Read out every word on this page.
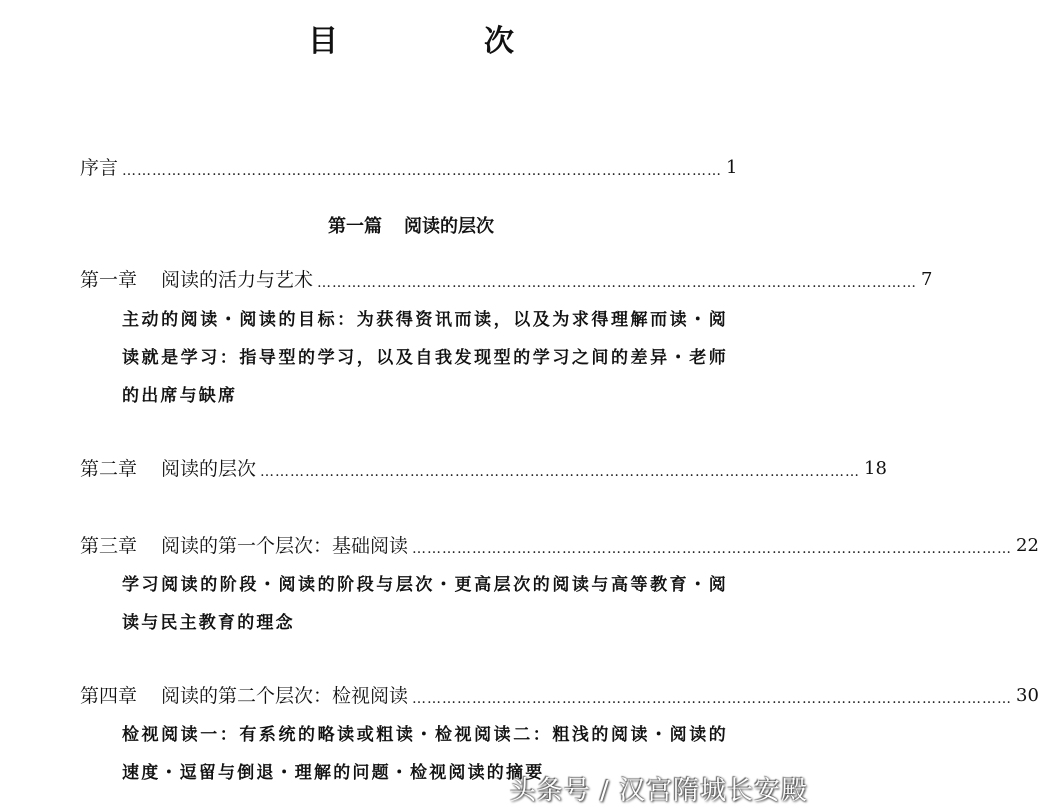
目　次
序言 ………………………………………………………………………………………………………… 1
第一篇 阅读的层次
第一章 阅读的活力与艺术 ………………………………………………………………………………………………………… 7

主动的阅读・阅读的目标：为获得资讯而读，以及为求得理解而读・阅读就是学习：指导型的学习，以及自我发现型的学习之间的差异・老师的出席与缺席

第二章 阅读的层次 ………………………………………………………………………………………………………… 18
第三章 阅读的第一个层次：基础阅读 ………………………………………………………………………………………………………… 22

学习阅读的阶段・阅读的阶段与层次・更高层次的阅读与高等教育・阅读与民主教育的理念

第四章 阅读的第二个层次：检视阅读 ………………………………………………………………………………………………………… 30

检视阅读一：有系统的略读或粗读・检视阅读二：粗浅的阅读・阅读的速度・逗留与倒退・理解的问题・检视阅读的摘要

头条号 / 汉宫隋城长安殿
